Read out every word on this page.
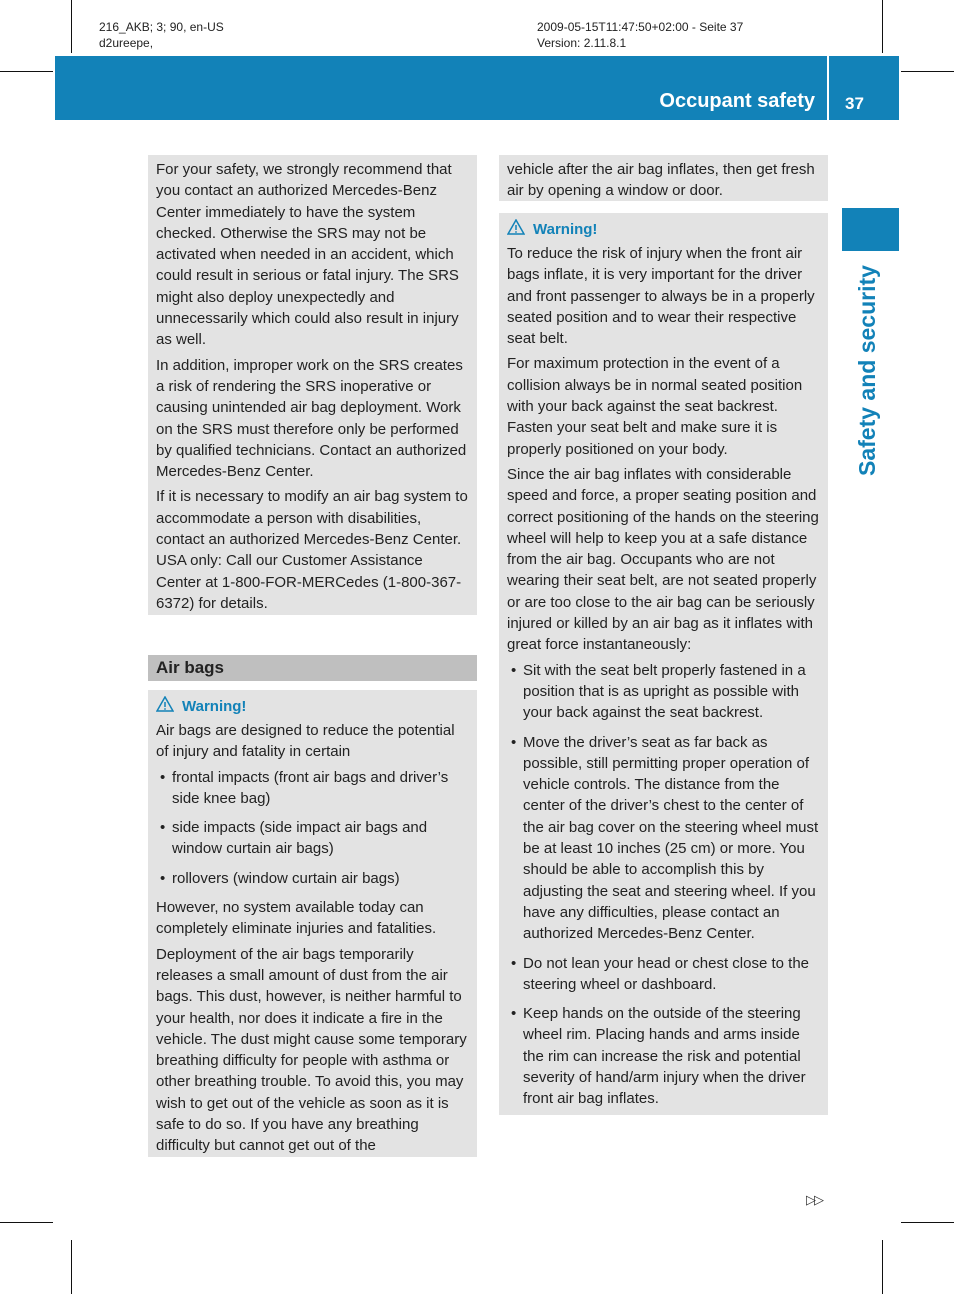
216_AKB; 3; 90, en-US
d2ureepe,
2009-05-15T11:47:50+02:00 - Seite 37
Version: 2.11.8.1
Occupant safety 37
Safety and security

For your safety, we strongly recommend that you contact an authorized Mercedes-Benz Center immediately to have the system checked. Otherwise the SRS may not be activated when needed in an accident, which could result in serious or fatal injury. The SRS might also deploy unexpectedly and unnecessarily which could also result in injury as well.

In addition, improper work on the SRS creates a risk of rendering the SRS inoperative or causing unintended air bag deployment. Work on the SRS must therefore only be performed by qualified technicians. Contact an authorized Mercedes-Benz Center.

If it is necessary to modify an air bag system to accommodate a person with disabilities, contact an authorized Mercedes-Benz Center. USA only: Call our Customer Assistance Center at 1-800-FOR-MERCedes (1-800-367-6372) for details.

Air bags
Warning!

Air bags are designed to reduce the potential of injury and fatality in certain

• frontal impacts (front air bags and driver’s side knee bag)
• side impacts (side impact air bags and window curtain air bags)
• rollovers (window curtain air bags)

However, no system available today can completely eliminate injuries and fatalities.

Deployment of the air bags temporarily releases a small amount of dust from the air bags. This dust, however, is neither harmful to your health, nor does it indicate a fire in the vehicle. The dust might cause some temporary breathing difficulty for people with asthma or other breathing trouble. To avoid this, you may wish to get out of the vehicle as soon as it is safe to do so. If you have any breathing difficulty but cannot get out of the

vehicle after the air bag inflates, then get fresh air by opening a window or door.

Warning!

To reduce the risk of injury when the front air bags inflate, it is very important for the driver and front passenger to always be in a properly seated position and to wear their respective seat belt.

For maximum protection in the event of a collision always be in normal seated position with your back against the seat backrest. Fasten your seat belt and make sure it is properly positioned on your body.

Since the air bag inflates with considerable speed and force, a proper seating position and correct positioning of the hands on the steering wheel will help to keep you at a safe distance from the air bag. Occupants who are not wearing their seat belt, are not seated properly or are too close to the air bag can be seriously injured or killed by an air bag as it inflates with great force instantaneously:

• Sit with the seat belt properly fastened in a position that is as upright as possible with your back against the seat backrest.
• Move the driver’s seat as far back as possible, still permitting proper operation of vehicle controls. The distance from the center of the driver’s chest to the center of the air bag cover on the steering wheel must be at least 10 inches (25 cm) or more. You should be able to accomplish this by adjusting the seat and steering wheel. If you have any difficulties, please contact an authorized Mercedes-Benz Center.
• Do not lean your head or chest close to the steering wheel or dashboard.
• Keep hands on the outside of the steering wheel rim. Placing hands and arms inside the rim can increase the risk and potential severity of hand/arm injury when the driver front air bag inflates.
▷▷
